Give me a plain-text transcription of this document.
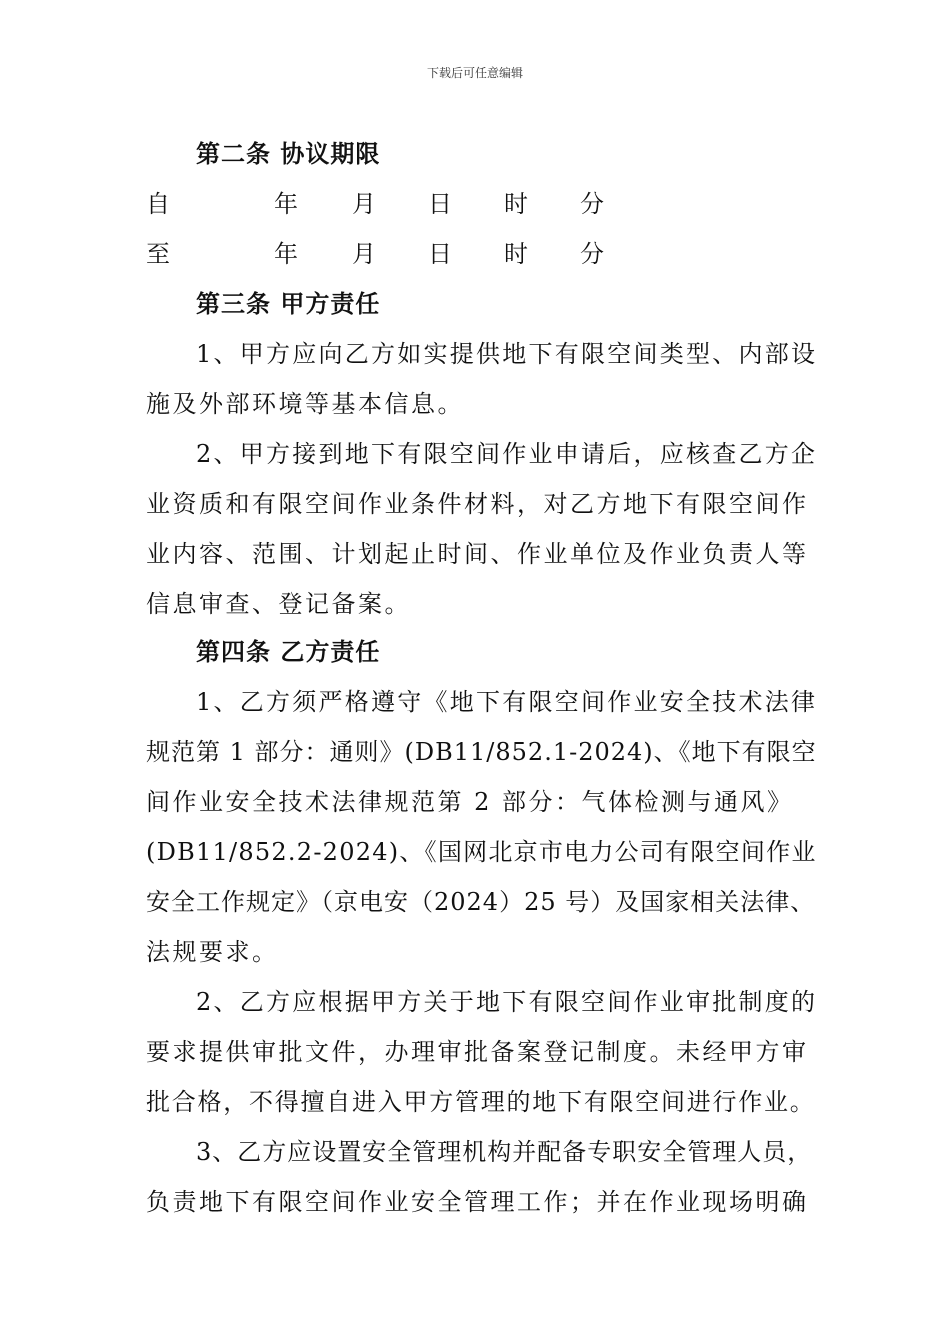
下载后可任意编辑
第二条 协议期限
自	年 月 日 时 分
至	年 月 日 时 分
第三条 甲方责任
1、甲方应向乙方如实提供地下有限空间类型、内部设
施及外部环境等基本信息。
2、甲方接到地下有限空间作业申请后，应核查乙方企
业资质和有限空间作业条件材料，对乙方地下有限空间作
业内容、范围、计划起止时间、作业单位及作业负责人等
信息审查、登记备案。
第四条 乙方责任
1、乙方须严格遵守《地下有限空间作业安全技术法律
规范第 1 部分：通则》(DB11/852.1-2024)、《地下有限空
间作业安全技术法律规范第 2 部分：气体检测与通风》
(DB11/852.2-2024)、《国网北京市电力公司有限空间作业
安全工作规定》（京电安（2024）25 号）及国家相关法律、
法规要求。
2、乙方应根据甲方关于地下有限空间作业审批制度的
要求提供审批文件，办理审批备案登记制度。未经甲方审
批合格，不得擅自进入甲方管理的地下有限空间进行作业。
3、乙方应设置安全管理机构并配备专职安全管理人员，
负责地下有限空间作业安全管理工作；并在作业现场明确
